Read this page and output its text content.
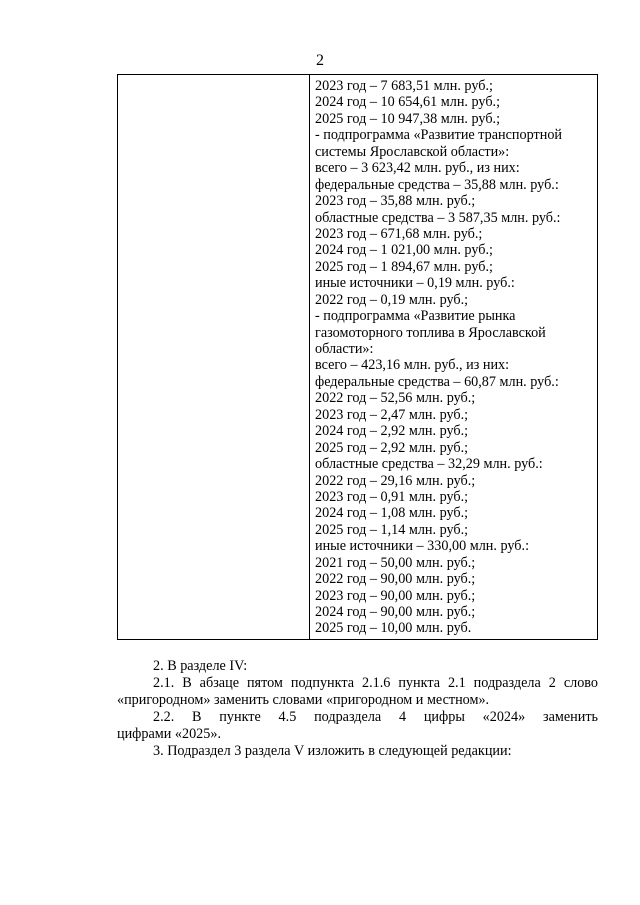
2
2023 год – 7 683,51 млн. руб.;
2024 год – 10 654,61 млн. руб.;
2025 год – 10 947,38 млн. руб.;
- подпрограмма «Развитие транспортной
системы Ярославской области»:
всего – 3 623,42 млн. руб., из них:
федеральные средства – 35,88 млн. руб.:
2023 год – 35,88 млн. руб.;
областные средства – 3 587,35 млн. руб.:
2023 год – 671,68 млн. руб.;
2024 год – 1 021,00 млн. руб.;
2025 год – 1 894,67 млн. руб.;
иные источники – 0,19 млн. руб.:
2022 год – 0,19 млн. руб.;
- подпрограмма «Развитие рынка
газомоторного топлива в Ярославской
области»:
всего – 423,16 млн. руб., из них:
федеральные средства – 60,87 млн. руб.:
2022 год – 52,56 млн. руб.;
2023 год – 2,47 млн. руб.;
2024 год – 2,92 млн. руб.;
2025 год – 2,92 млн. руб.;
областные средства – 32,29 млн. руб.:
2022 год – 29,16 млн. руб.;
2023 год – 0,91 млн. руб.;
2024 год – 1,08 млн. руб.;
2025 год – 1,14 млн. руб.;
иные источники – 330,00 млн. руб.:
2021 год – 50,00 млн. руб.;
2022 год – 90,00 млн. руб.;
2023 год – 90,00 млн. руб.;
2024 год – 90,00 млн. руб.;
2025 год – 10,00 млн. руб.
2. В разделе IV:
2.1. В абзаце пятом подпункта 2.1.6 пункта 2.1 подраздела 2 слово
«пригородном» заменить словами «пригородном и местном».
2.2. В пункте 4.5 подраздела 4 цифры «2024» заменить
цифрами «2025».
3. Подраздел 3 раздела V изложить в следующей редакции:
